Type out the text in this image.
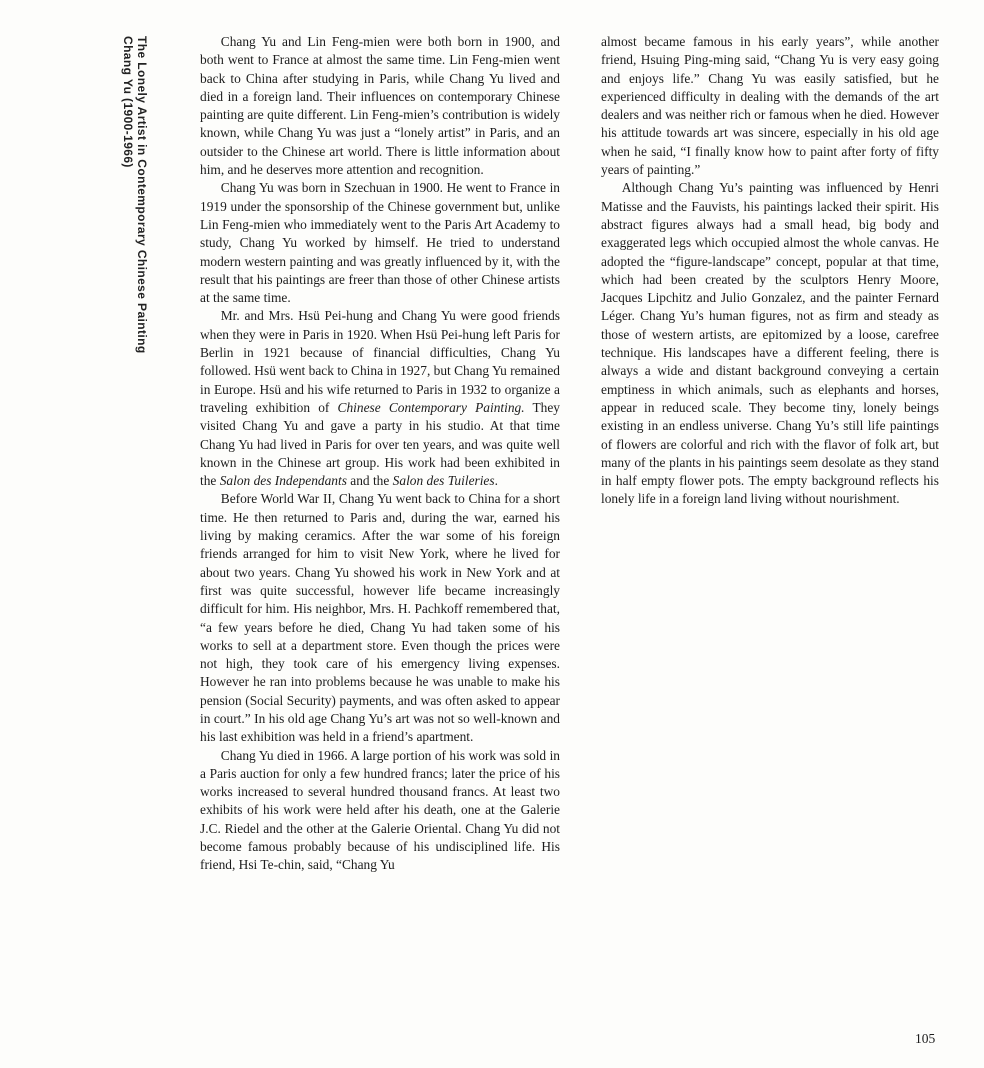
Chang Yu (1900-1966) The Lonely Artist in Contemporary Chinese Painting	Chang Yu and Lin Feng-mien were both born in 1900, and both went to France at almost the same time. Lin Feng-mien went back to China after studying in Paris, while Chang Yu lived and died in a foreign land. Their influences on contemporary Chinese painting are quite different. Lin Feng-mien’s contribution is widely known, while Chang Yu was just a “lonely artist” in Paris, and an outsider to the Chinese art world. There is little information about him, and he deserves more attention and recognition.

Chang Yu was born in Szechuan in 1900. He went to France in 1919 under the sponsorship of the Chinese government but, unlike Lin Feng-mien who immediately went to the Paris Art Academy to study, Chang Yu worked by himself. He tried to understand modern western painting and was greatly influenced by it, with the result that his paintings are freer than those of other Chinese artists at the same time.

Mr. and Mrs. Hsü Pei-hung and Chang Yu were good friends when they were in Paris in 1920. When Hsü Pei-hung left Paris for Berlin in 1921 because of financial difficulties, Chang Yu followed. Hsü went back to China in 1927, but Chang Yu remained in Europe. Hsü and his wife returned to Paris in 1932 to organize a traveling exhibition of Chinese Contemporary Painting. They visited Chang Yu and gave a party in his studio. At that time Chang Yu had lived in Paris for over ten years, and was quite well known in the Chinese art group. His work had been exhibited in the Salon des Independants and the Salon des Tuileries.

Before World War II, Chang Yu went back to China for a short time. He then returned to Paris and, during the war, earned his living by making ceramics. After the war some of his foreign friends arranged for him to visit New York, where he lived for about two years. Chang Yu showed his work in New York and at first was quite successful, however life became increasingly difficult for him. His neighbor, Mrs. H. Pachkoff remembered that, “a few years before he died, Chang Yu had taken some of his works to sell at a department store. Even though the prices were not high, they took care of his emergency living expenses. However he ran into problems because he was unable to make his pension (Social Security) payments, and was often asked to appear in court.” In his old age Chang Yu’s art was not so well-known and his last exhibition was held in a friend’s apartment.

Chang Yu died in 1966. A large portion of his work was sold in a Paris auction for only a few hundred francs; later the price of his works increased to several hundred thousand francs. At least two exhibits of his work were held after his death, one at the Galerie J.C. Riedel and the other at the Galerie Oriental. Chang Yu did not become famous probably because of his undisciplined life. His friend, Hsi Te-chin, said, “Chang Yu

almost became famous in his early years”, while another friend, Hsuing Ping-ming said, “Chang Yu is very easy going and enjoys life.” Chang Yu was easily satisfied, but he experienced difficulty in dealing with the demands of the art dealers and was neither rich or famous when he died. However his attitude towards art was sincere, especially in his old age when he said, “I finally know how to paint after forty of fifty years of painting.”

Although Chang Yu’s painting was influenced by Henri Matisse and the Fauvists, his paintings lacked their spirit. His abstract figures always had a small head, big body and exaggerated legs which occupied almost the whole canvas. He adopted the “figure-landscape” concept, popular at that time, which had been created by the sculptors Henry Moore, Jacques Lipchitz and Julio Gonzalez, and the painter Fernard Léger. Chang Yu’s human figures, not as firm and steady as those of western artists, are epitomized by a loose, carefree technique. His landscapes have a different feeling, there is always a wide and distant background conveying a certain emptiness in which animals, such as elephants and horses, appear in reduced scale. They become tiny, lonely beings existing in an endless universe. Chang Yu’s still life paintings of flowers are colorful and rich with the flavor of folk art, but many of the plants in his paintings seem desolate as they stand in half empty flower pots. The empty background reflects his lonely life in a foreign land living without nourishment.

105
